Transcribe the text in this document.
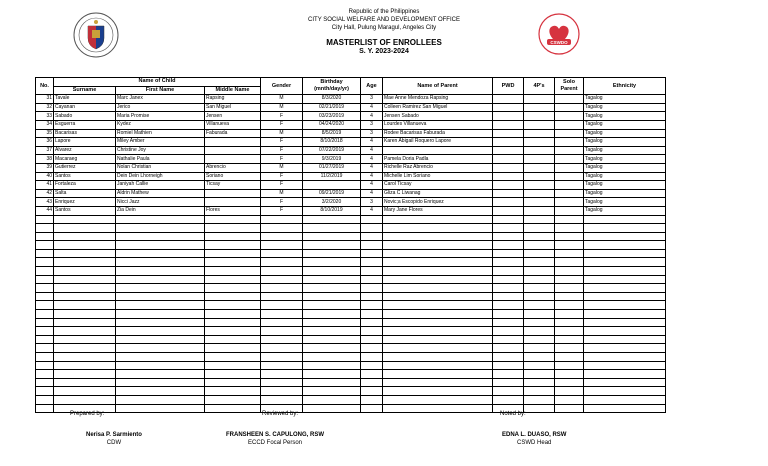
Republic of the Philippines
CITY SOCIAL WELFARE AND DEVELOPMENT OFFICE
City Hall, Pulung Maragul, Angeles City
MASTERLIST OF ENROLLEES
S. Y. 2023-2024
CSWDO
No.	Name of Child			Gender	Birthday (mnth/day/yr)	Age	Name of Parent	PWD	4P's	Solo Parent	Ethnicity
	Surname	First Name	Middle Name								
31	Tavale	Marc Janex	Rapsing	M	8/3/2020	3	Mae Anne Mendoza Rapsing				Tagalog
32	Cayanan	Jerico	San Miguel	M	02/21/2019	4	Colleen Ramirez San Miguel				Tagalog
33	Sabado	Maria Promise	Jensen	F	03/23/2019	4	Jensen Sabado				Tagalog
34	Esguerra	Kydez	Villanueva	F	04/24/2020	3	Lourdes Villanueva				Tagalog
35	Bacarisas	Romiel Mathien	Faburada	M	8/5/2019	3	Rodee Bacarisas Faburada				Tagalog
36	Lapore	Miley Amber		F	8/10/2018	4	Karen Abigail Roquero Lapore				Tagalog
37	Alvarez	Christine Joy		F	07/22/2019	4					Tagalog
38	Macaraeg	Nathalie Paula		F	9/3/2019	4	Pamela Doria Padla				Tagalog
39	Gutierrez	Nolan Christian	Abrencio	M	01/27/2019	4	Richelle Raz Abrencio				Tagalog
40	Santos	Dein Dein Lhorneigh	Soriano	F	11/2/2019	4	Michelle Lim Soriano				Tagalog
41	Fortaleza	Janiyah Callie	Ticsay	F		4	Carol Ticsay				Tagalog
42	Salta	Aldrin Mathew		M	09/21/2019	4	Gliza C Liwanag				Tagalog
43	Enriquez	Nicci Jazz		F	3/2/2020	3	Novic;a Escopido Enriquez				Tagalog
44	Santos	Zia Dein	Flores	F	8/10/2019	4	Mary Jane Flores				Tagalog

Prepared by:
Nerisa P. Sarmiento
CDW
Reviewed by:
FRANSHEEN S. CAPULONG, RSW
ECCD Focal Person
Noted by:
EDNA L. DUASO, RSW
CSWD Head
